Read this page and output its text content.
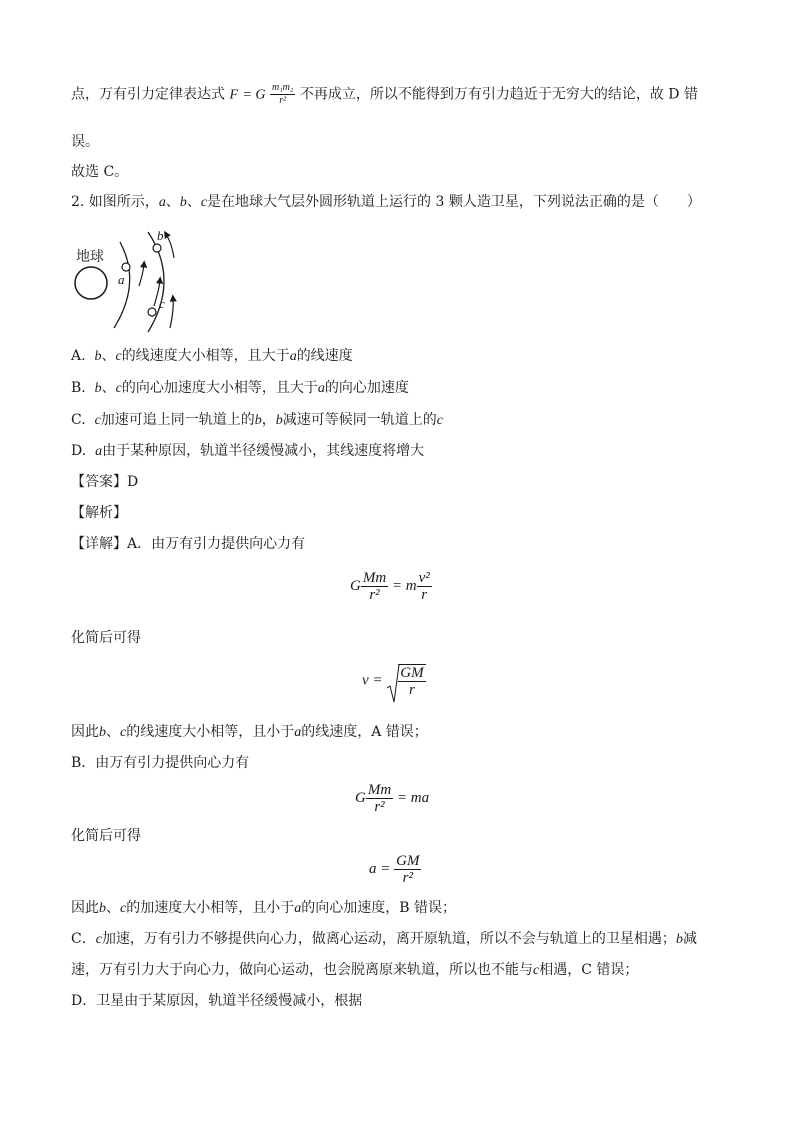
点，万有引力定律表达式 F = G $\frac{\text{m₁m₂}}{\text{r²}}$ 不再成立，所以不能得到万有引力趋近于无穷大的结论，故 D 错
误。
故选 C。
2. 如图所示，a、b、c是在地球大气层外圆形轨道上运行的 3 颗人造卫星，下列说法正确的是（　　）
地球
a
b
c
A. b、c的线速度大小相等，且大于a的线速度
B. b、c的向心加速度大小相等，且大于a的向心加速度
C. c加速可追上同一轨道上的b，b减速可等候同一轨道上的c
D. a由于某种原因，轨道半径缓慢减小，其线速度将增大
【答案】D
【解析】
【详解】A．由万有引力提供向心力有
G $\frac{Mm}{\text{r²}} = m \frac{\text{v²}}{r}$
化简后可得
$v = \frac{GM}{r}$
因此b、c的线速度大小相等，且小于a的线速度，A 错误；
B．由万有引力提供向心力有
G $\frac{Mm}{\text{r²}}$ = ma
化简后可得
$a = \frac{GM}{\text{r²}}$
因此b、c的加速度大小相等，且小于a的向心加速度，B 错误；
C．c加速，万有引力不够提供向心力，做离心运动，离开原轨道，所以不会与轨道上的卫星相遇；b减
速，万有引力大于向心力，做向心运动，也会脱离原来轨道，所以也不能与c相遇，C 错误；
D．卫星由于某原因，轨道半径缓慢减小，根据
